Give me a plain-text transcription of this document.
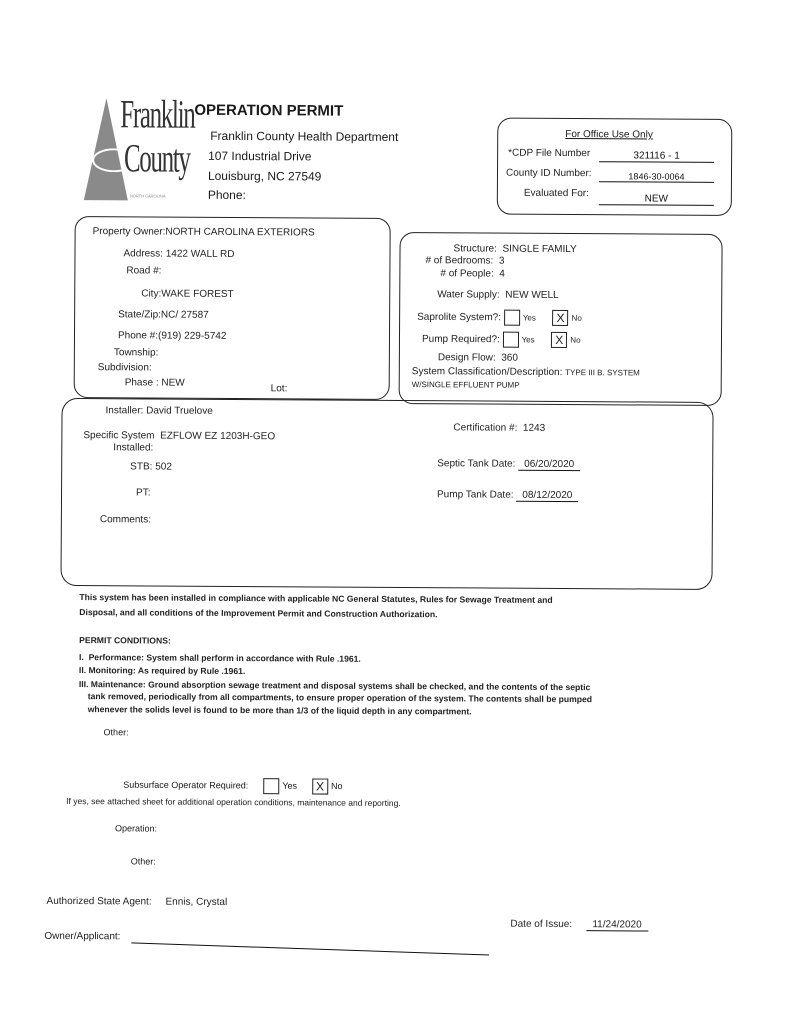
Franklin
County
NORTH CAROLINA
OPERATION PERMIT
Franklin County Health Department
107 Industrial Drive
Louisburg, NC 27549
Phone:
For Office Use Only
*CDP File Number	321116 - 1
County ID Number:	1846-30-0064
Evaluated For:	NEW
Property Owner:NORTH CAROLINA EXTERIORS
Address: 1422 WALL RD
Road #:
City:WAKE FOREST
State/Zip:NC/ 27587
Phone #:(919) 229-5742
Township:
Subdivision:
Phase : NEW
Lot:
Structure: SINGLE FAMILY
# of Bedrooms: 3
# of People: 4
Water Supply: NEW WELL
Saprolite System?:	Yes X No
Pump Required?:	Yes X No
Design Flow: 360
System Classification/Description: TYPE III B. SYSTEM
W/SINGLE EFFLUENT PUMP
Installer: David Truelove
Certification #: 1243
Specific System EZFLOW EZ 1203H-GEO
Installed:
STB: 502	Septic Tank Date: 06/20/2020
PT:	Pump Tank Date: 08/12/2020
Comments:
This system has been installed in compliance with applicable NC General Statutes, Rules for Sewage Treatment and
Disposal, and all conditions of the Improvement Permit and Construction Authorization.
PERMIT CONDITIONS:
I. Performance: System shall perform in accordance with Rule .1961.
II. Monitoring: As required by Rule .1961.
III. Maintenance: Ground absorption sewage treatment and disposal systems shall be checked, and the contents of the septic
tank removed, periodically from all compartments, to ensure proper operation of the system. The contents shall be pumped
whenever the solids level is found to be more than 1/3 of the liquid depth in any compartment.
Other:
Subsurface Operator Required:	Yes X No
If yes, see attached sheet for additional operation conditions, maintenance and reporting.
Operation:
Other:
Authorized State Agent: Ennis, Crystal
Date of Issue: 11/24/2020
Owner/Applicant:
